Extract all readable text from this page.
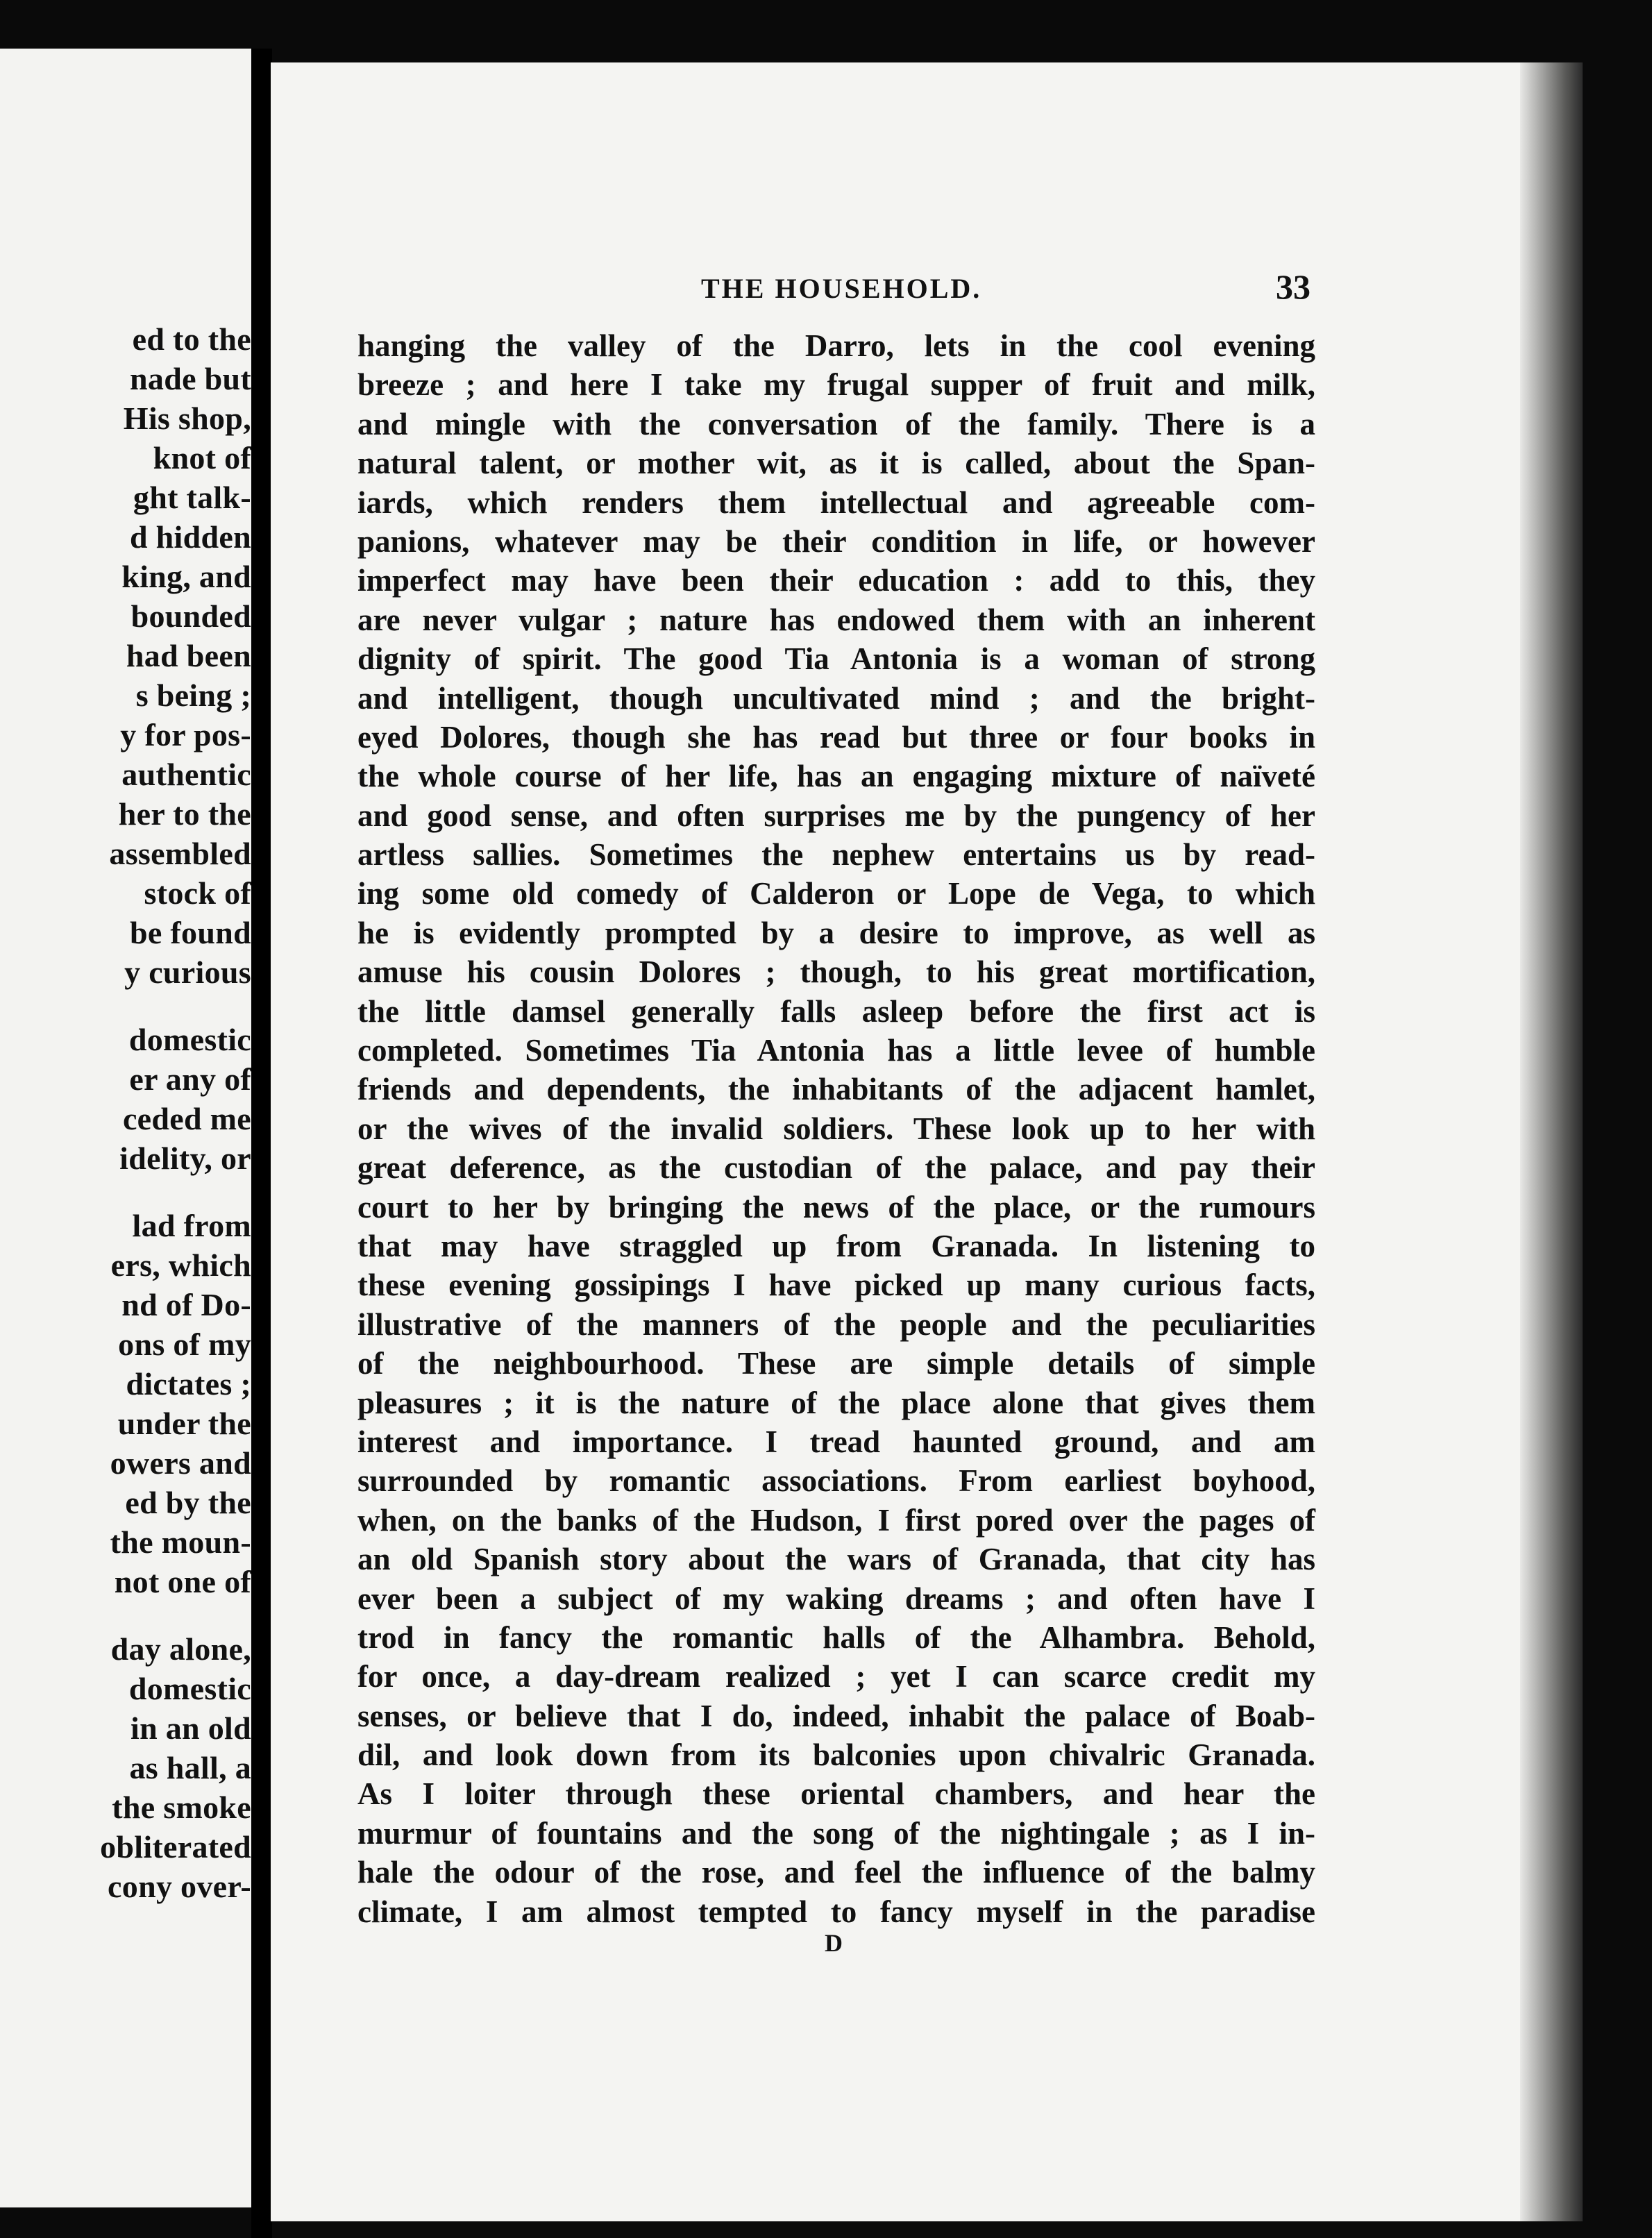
ed to the
nade but
His shop,
knot of
ght talk-
d hidden
king, and
bounded
had been
s being ;
y for pos-
authentic
her to the
assembled
stock of
be found
y curious
domestic
er any of
ceded me
idelity, or
lad from
ers, which
nd of Do-
ons of my
dictates ;
under the
owers and
ed by the
the moun-
not one of
day alone,
domestic
in an old
as hall, a
the smoke
obliterated
cony over-
THE HOUSEHOLD.	33
hanging the valley of the Darro, lets in the cool evening
breeze ; and here I take my frugal supper of fruit and milk,
and mingle with the conversation of the family. There is a
natural talent, or mother wit, as it is called, about the Span-
iards, which renders them intellectual and agreeable com-
panions, whatever may be their condition in life, or however
imperfect may have been their education : add to this, they
are never vulgar ; nature has endowed them with an inherent
dignity of spirit. The good Tia Antonia is a woman of strong
and intelligent, though uncultivated mind ; and the bright-
eyed Dolores, though she has read but three or four books in
the whole course of her life, has an engaging mixture of naïveté
and good sense, and often surprises me by the pungency of her
artless sallies. Sometimes the nephew entertains us by read-
ing some old comedy of Calderon or Lope de Vega, to which
he is evidently prompted by a desire to improve, as well as
amuse his cousin Dolores ; though, to his great mortification,
the little damsel generally falls asleep before the first act is
completed. Sometimes Tia Antonia has a little levee of humble
friends and dependents, the inhabitants of the adjacent hamlet,
or the wives of the invalid soldiers. These look up to her with
great deference, as the custodian of the palace, and pay their
court to her by bringing the news of the place, or the rumours
that may have straggled up from Granada. In listening to
these evening gossipings I have picked up many curious facts,
illustrative of the manners of the people and the peculiarities
of the neighbourhood. These are simple details of simple
pleasures ; it is the nature of the place alone that gives them
interest and importance. I tread haunted ground, and am
surrounded by romantic associations. From earliest boyhood,
when, on the banks of the Hudson, I first pored over the pages of
an old Spanish story about the wars of Granada, that city has
ever been a subject of my waking dreams ; and often have I
trod in fancy the romantic halls of the Alhambra. Behold,
for once, a day-dream realized ; yet I can scarce credit my
senses, or believe that I do, indeed, inhabit the palace of Boab-
dil, and look down from its balconies upon chivalric Granada.
As I loiter through these oriental chambers, and hear the
murmur of fountains and the song of the nightingale ; as I in-
hale the odour of the rose, and feel the influence of the balmy
climate, I am almost tempted to fancy myself in the paradise
D
